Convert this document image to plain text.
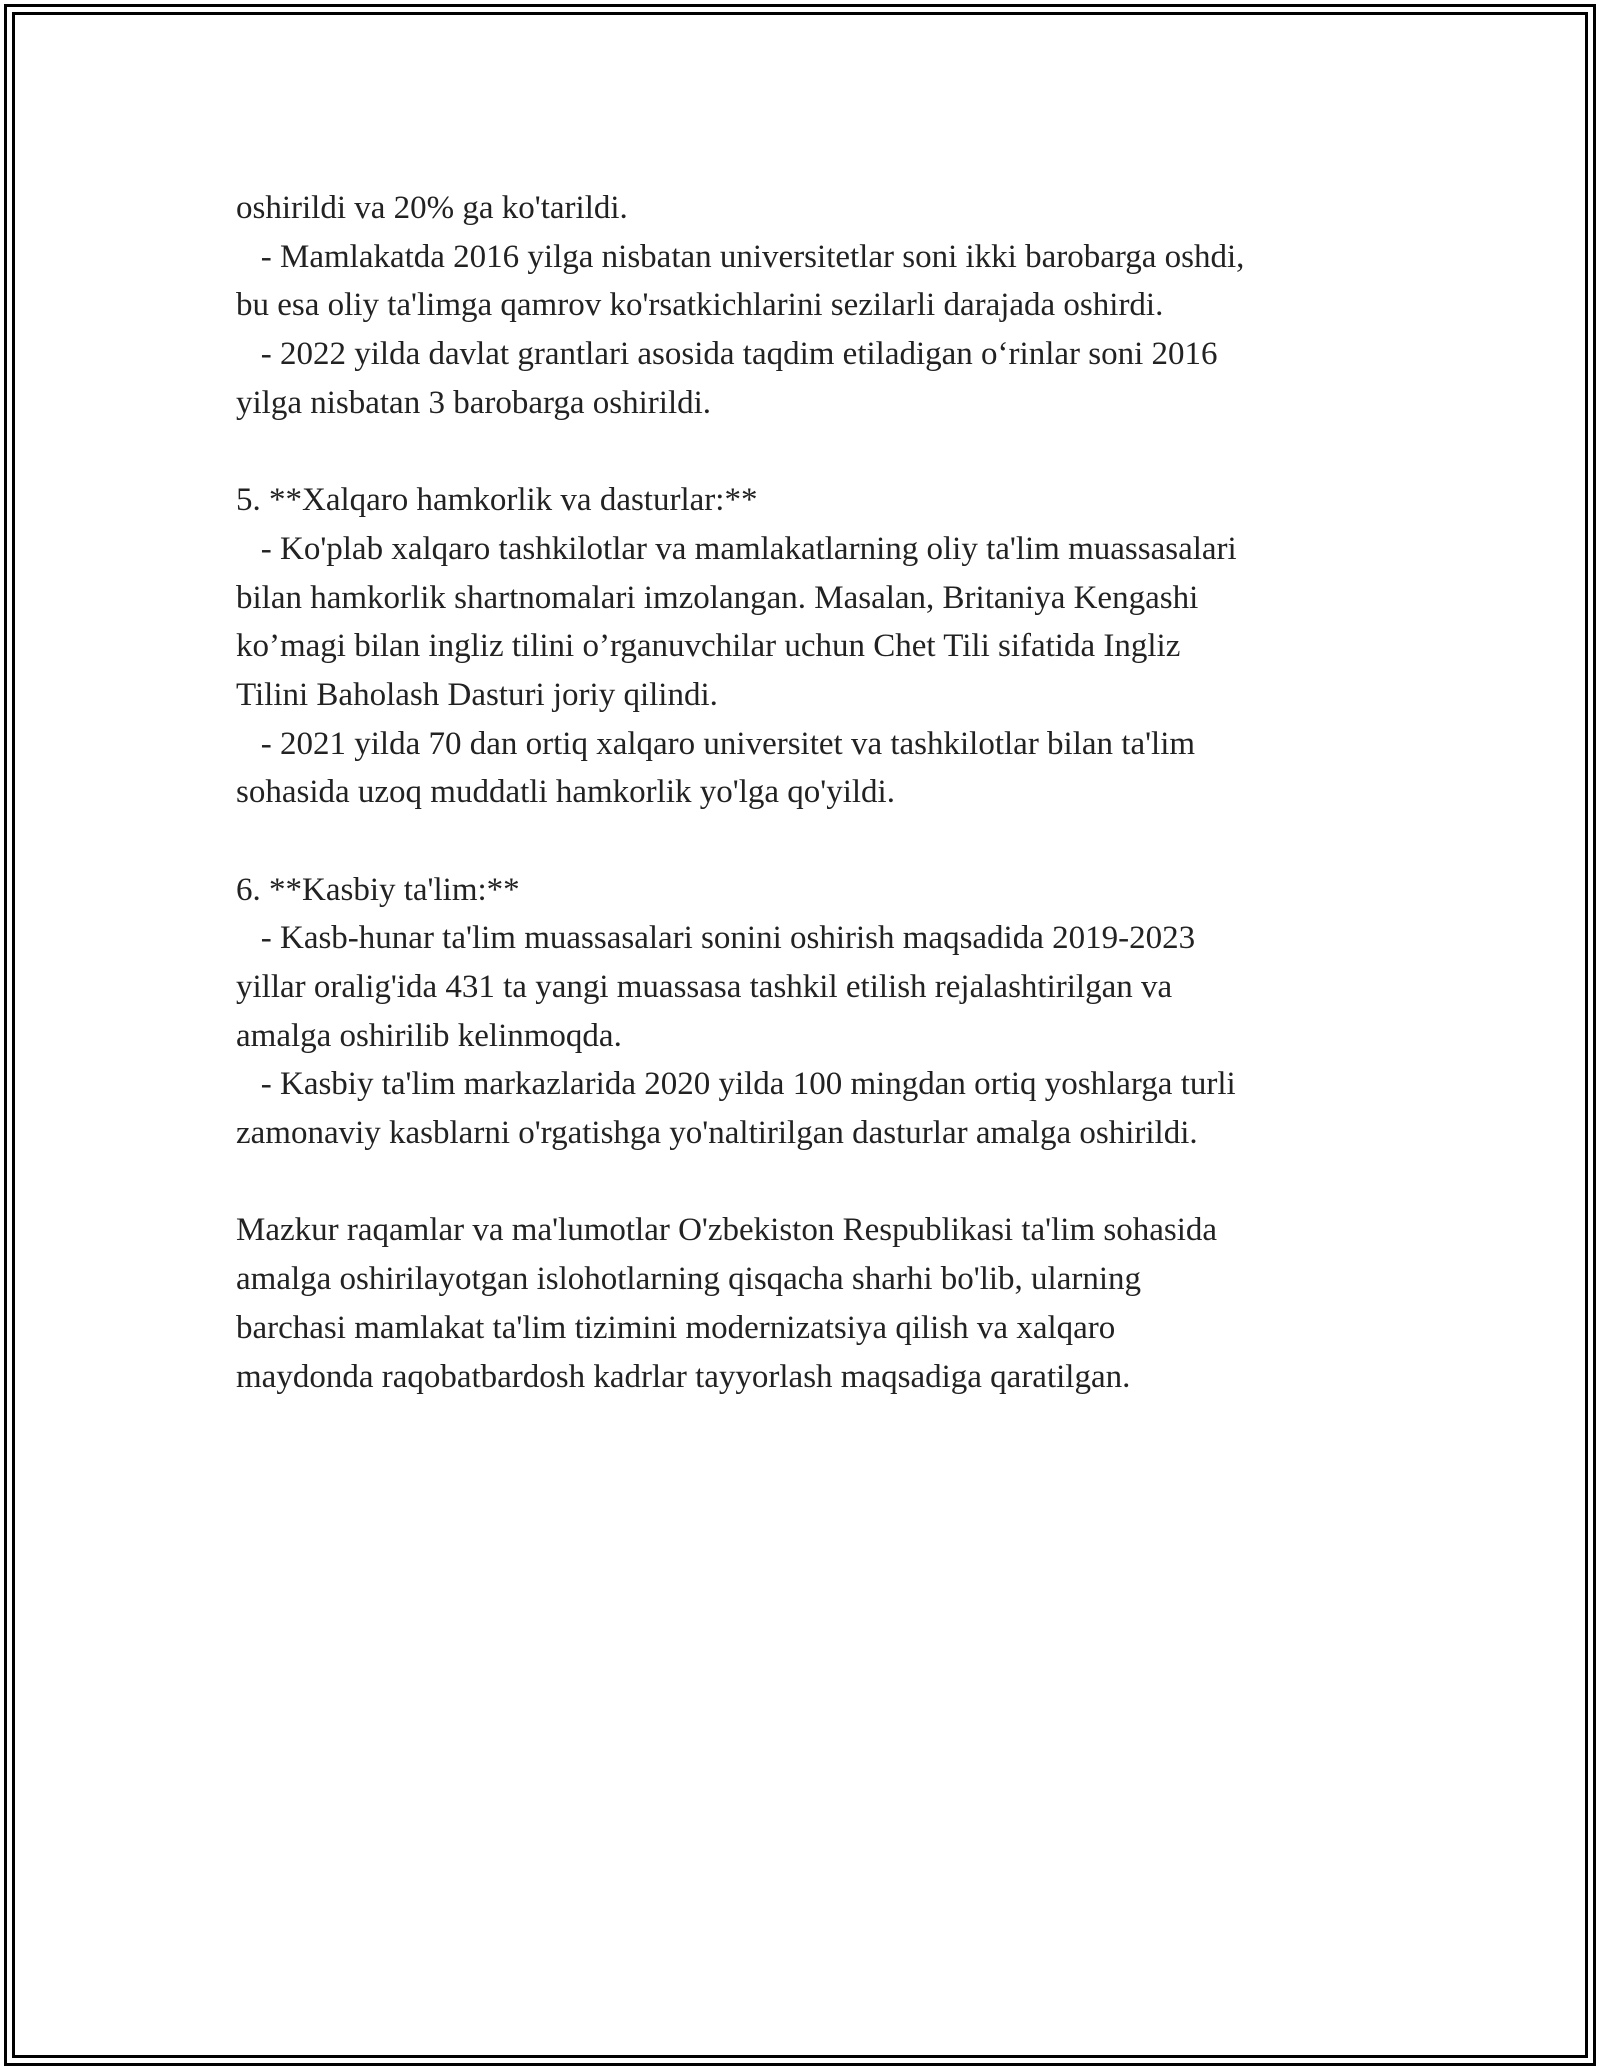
oshirildi va 20% ga ko'tarildi.
- Mamlakatda 2016 yilga nisbatan universitetlar soni ikki barobarga oshdi,
bu esa oliy ta'limga qamrov ko'rsatkichlarini sezilarli darajada oshirdi.
- 2022 yilda davlat grantlari asosida taqdim etiladigan o‘rinlar soni 2016
yilga nisbatan 3 barobarga oshirildi.
5. **Xalqaro hamkorlik va dasturlar:**
- Ko'plab xalqaro tashkilotlar va mamlakatlarning oliy ta'lim muassasalari
bilan hamkorlik shartnomalari imzolangan. Masalan, Britaniya Kengashi
ko’magi bilan ingliz tilini o’rganuvchilar uchun Chet Tili sifatida Ingliz
Tilini Baholash Dasturi joriy qilindi.
- 2021 yilda 70 dan ortiq xalqaro universitet va tashkilotlar bilan ta'lim
sohasida uzoq muddatli hamkorlik yo'lga qo'yildi.
6. **Kasbiy ta'lim:**
- Kasb-hunar ta'lim muassasalari sonini oshirish maqsadida 2019-2023
yillar oralig'ida 431 ta yangi muassasa tashkil etilish rejalashtirilgan va
amalga oshirilib kelinmoqda.
- Kasbiy ta'lim markazlarida 2020 yilda 100 mingdan ortiq yoshlarga turli
zamonaviy kasblarni o'rgatishga yo'naltirilgan dasturlar amalga oshirildi.
Mazkur raqamlar va ma'lumotlar O'zbekiston Respublikasi ta'lim sohasida
amalga oshirilayotgan islohotlarning qisqacha sharhi bo'lib, ularning
barchasi mamlakat ta'lim tizimini modernizatsiya qilish va xalqaro
maydonda raqobatbardosh kadrlar tayyorlash maqsadiga qaratilgan.
